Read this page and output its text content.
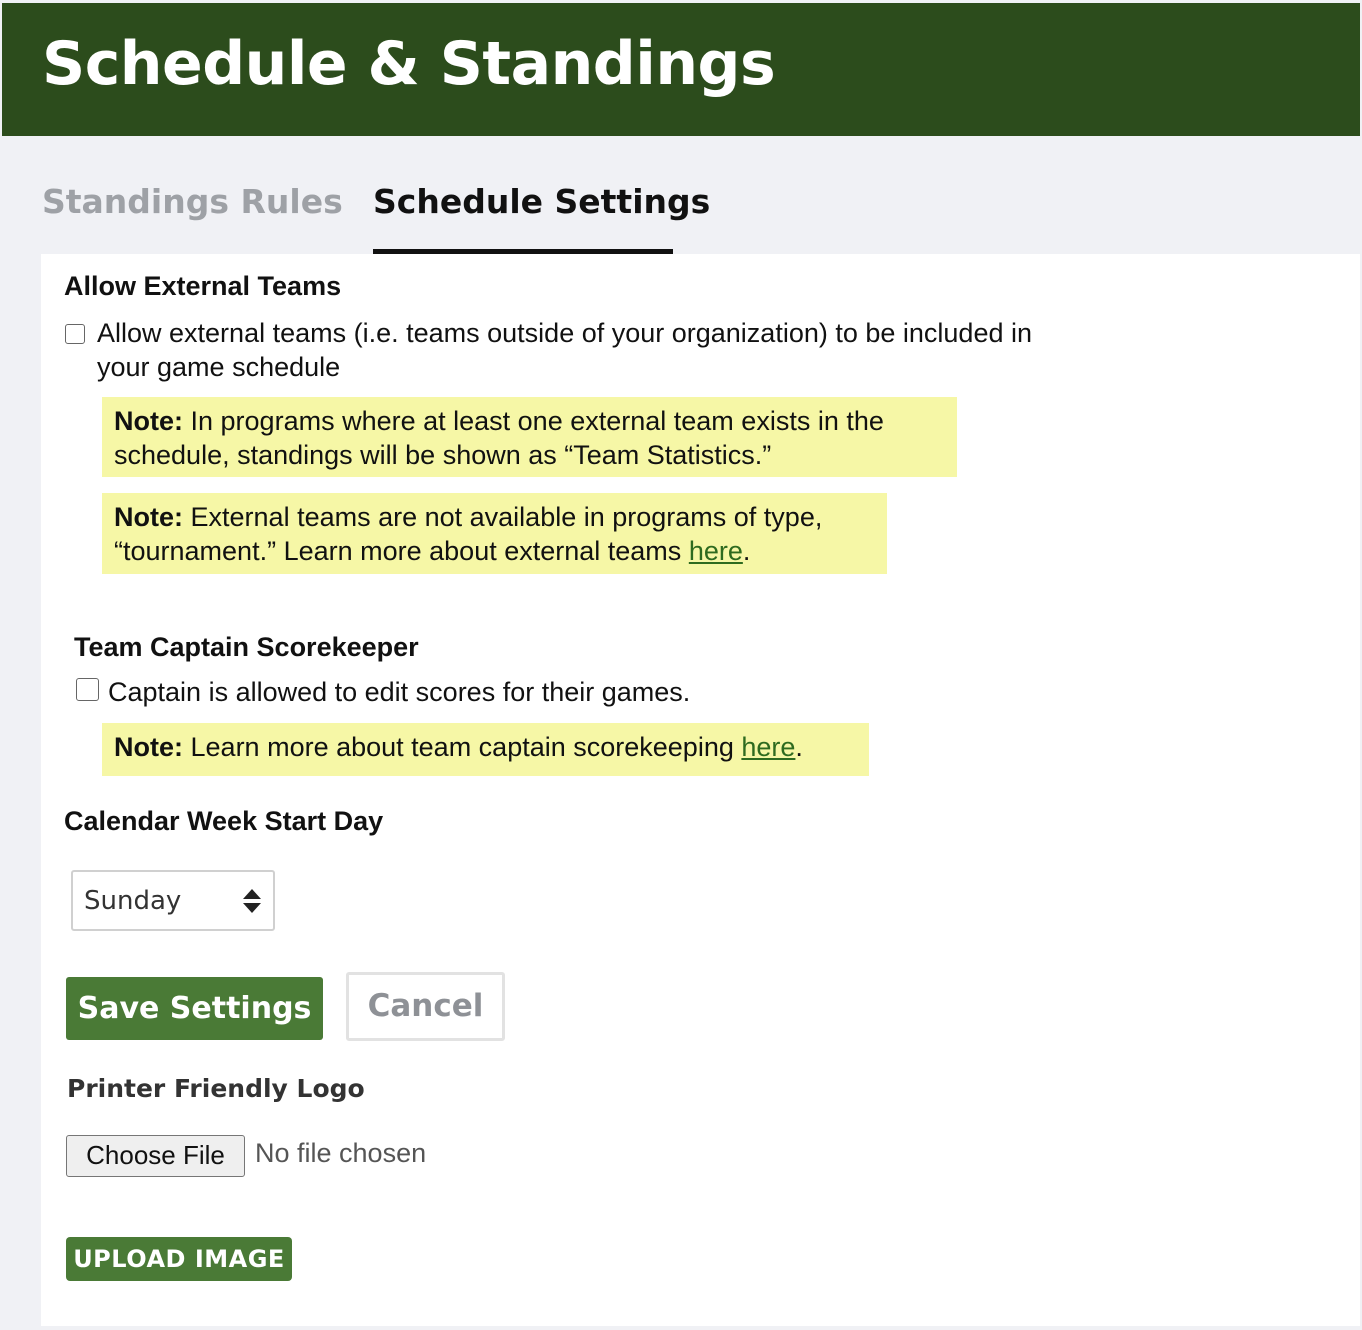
Schedule & Standings
Standings Rules Schedule Settings
Allow External Teams
Allow external teams (i.e. teams outside of your organization) to be included in
your game schedule
Note: In programs where at least one external team exists in the
schedule, standings will be shown as “Team Statistics.”
Note: External teams are not available in programs of type,
“tournament.” Learn more about external teams here.
Team Captain Scorekeeper
Captain is allowed to edit scores for their games.
Note: Learn more about team captain scorekeeping here.
Calendar Week Start Day
Sunday
Save Settings	Cancel
Printer Friendly Logo
Choose File	No file chosen
UPLOAD IMAGE
